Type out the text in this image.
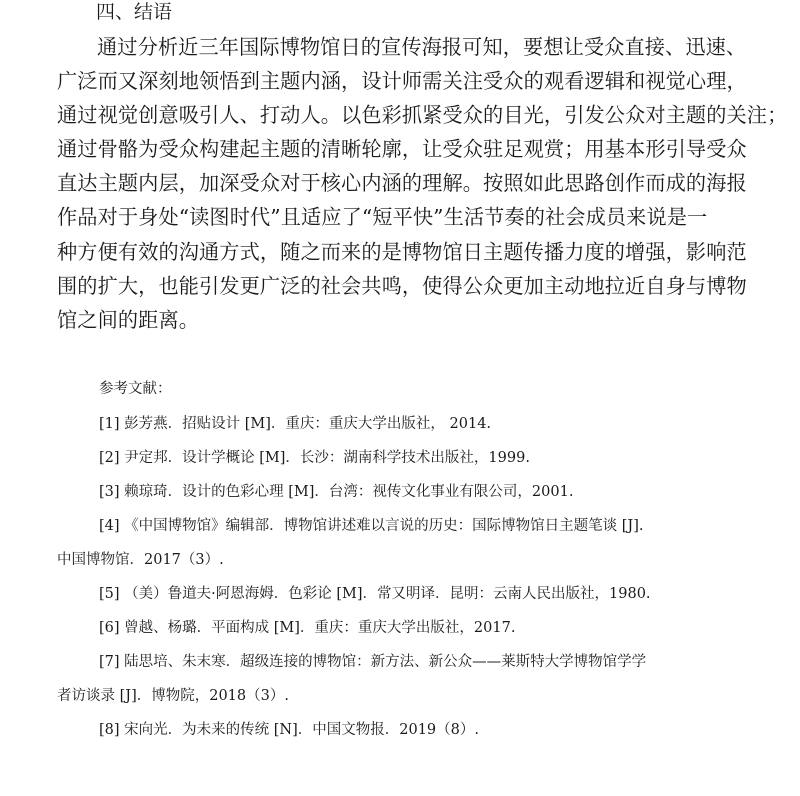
四、结语
通过分析近三年国际博物馆日的宣传海报可知，要想让受众直接、迅速、
广泛而又深刻地领悟到主题内涵，设计师需关注受众的观看逻辑和视觉心理，
通过视觉创意吸引人、打动人。以色彩抓紧受众的目光，引发公众对主题的关注；
通过骨骼为受众构建起主题的清晰轮廓，让受众驻足观赏；用基本形引导受众
直达主题内层，加深受众对于核心内涵的理解。按照如此思路创作而成的海报
作品对于身处“读图时代”且适应了“短平快”生活节奏的社会成员来说是一
种方便有效的沟通方式，随之而来的是博物馆日主题传播力度的增强，影响范
围的扩大，也能引发更广泛的社会共鸣，使得公众更加主动地拉近自身与博物
馆之间的距离。
参考文献：
[1] 彭芳燕．招贴设计 [M]．重庆：重庆大学出版社， 2014.
[2] 尹定邦．设计学概论 [M]．长沙：湖南科学技术出版社，1999.
[3] 赖琼琦．设计的色彩心理 [M]．台湾：视传文化事业有限公司，2001.
[4] 《中国博物馆》编辑部．博物馆讲述难以言说的历史：国际博物馆日主题笔谈 [J].
中国博物馆．2017（3）.
[5] （美）鲁道夫·阿恩海姆．色彩论 [M]．常又明译．昆明：云南人民出版社，1980.
[6] 曾越、杨璐．平面构成 [M]．重庆：重庆大学出版社，2017.
[7] 陆思培、朱末寒．超级连接的博物馆：新方法、新公众——莱斯特大学博物馆学学
者访谈录 [J]．博物院，2018（3）.
[8] 宋向光．为未来的传统 [N]．中国文物报．2019（8）.
